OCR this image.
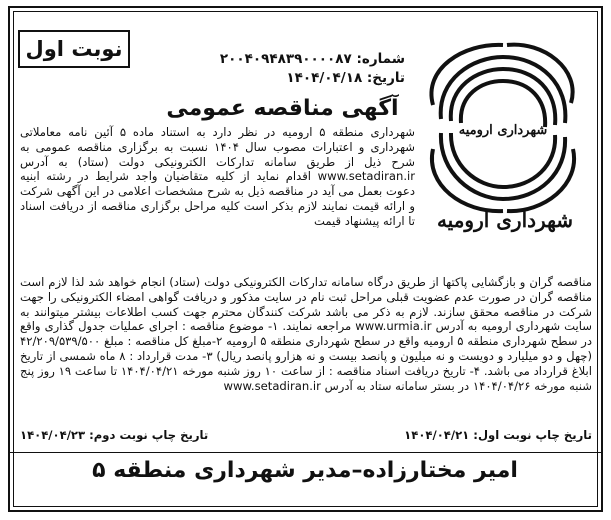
نوبت اول	شماره: ۲۰۰۴۰۹۴۸۳۹۰۰۰۰۸۷
تاریخ: ۱۴۰۴/۰۴/۱۸
آگهی مناقصه عمومی
شهرداری ارومیه
شهرداری ارومیه
شهرداری منطقه ۵ ارومیه در نظر دارد به استناد ماده ۵ آئین نامه معاملاتی شهرداری و اعتبارات مصوب سال ۱۴۰۴ نسبت به برگزاری مناقصه عمومی به شرح ذیل از طریق سامانه تدارکات الکترونیکی دولت (ستاد) به آدرس www.setadiran.ir اقدام نماید از کلیه متقاضیان واجد شرایط در رشته ابنیه دعوت بعمل می آید در مناقصه ذیل به شرح مشخصات اعلامی در این آگهی شرکت و ارائه قیمت نمایند لازم بذکر است کلیه مراحل برگزاری مناقصه از دریافت اسناد تا ارائه پیشنهاد قیمت
مناقصه گران و بازگشایی پاکتها از طریق درگاه سامانه تدارکات الکترونیکی دولت (ستاد) انجام خواهد شد لذا لازم است مناقصه گران در صورت عدم عضویت قبلی مراحل ثبت نام در سایت مذکور و دریافت گواهی امضاء الکترونیکی را جهت شرکت در مناقصه محقق سازند. لازم به ذکر می باشد شرکت کنندگان محترم جهت کسب اطلاعات بیشتر میتوانند به سایت شهرداری ارومیه به آدرس www.urmia.ir مراجعه نمایند. ۱- موضوع مناقصه : اجرای عملیات جدول گذاری واقع در سطح شهرداری منطقه ۵ ارومیه واقع در سطح شهرداری منطقه ۵ ارومیه ۲-مبلغ کل مناقصه : مبلغ ۴۲/۲۰۹/۵۳۹/۵۰۰ (چهل و دو میلیارد و دویست و نه میلیون و پانصد بیست و نه هزارو پانصد ریال) ۳- مدت قرارداد : ۸ ماه شمسی از تاریخ ابلاغ قرارداد می باشد. ۴- تاریخ دریافت اسناد مناقصه : از ساعت ۱۰ روز شنبه مورخه ۱۴۰۴/۰۴/۲۱ تا ساعت ۱۹ روز پنج شنبه مورخه ۱۴۰۴/۰۴/۲۶ در بستر سامانه ستاد به آدرس www.setadiran.ir
تاریخ چاپ نوبت اول: ۱۴۰۴/۰۴/۲۱
تاریخ چاپ نوبت دوم: ۱۴۰۴/۰۴/۲۳
امیر مختارزاده–مدیر شهرداری منطقه ۵
